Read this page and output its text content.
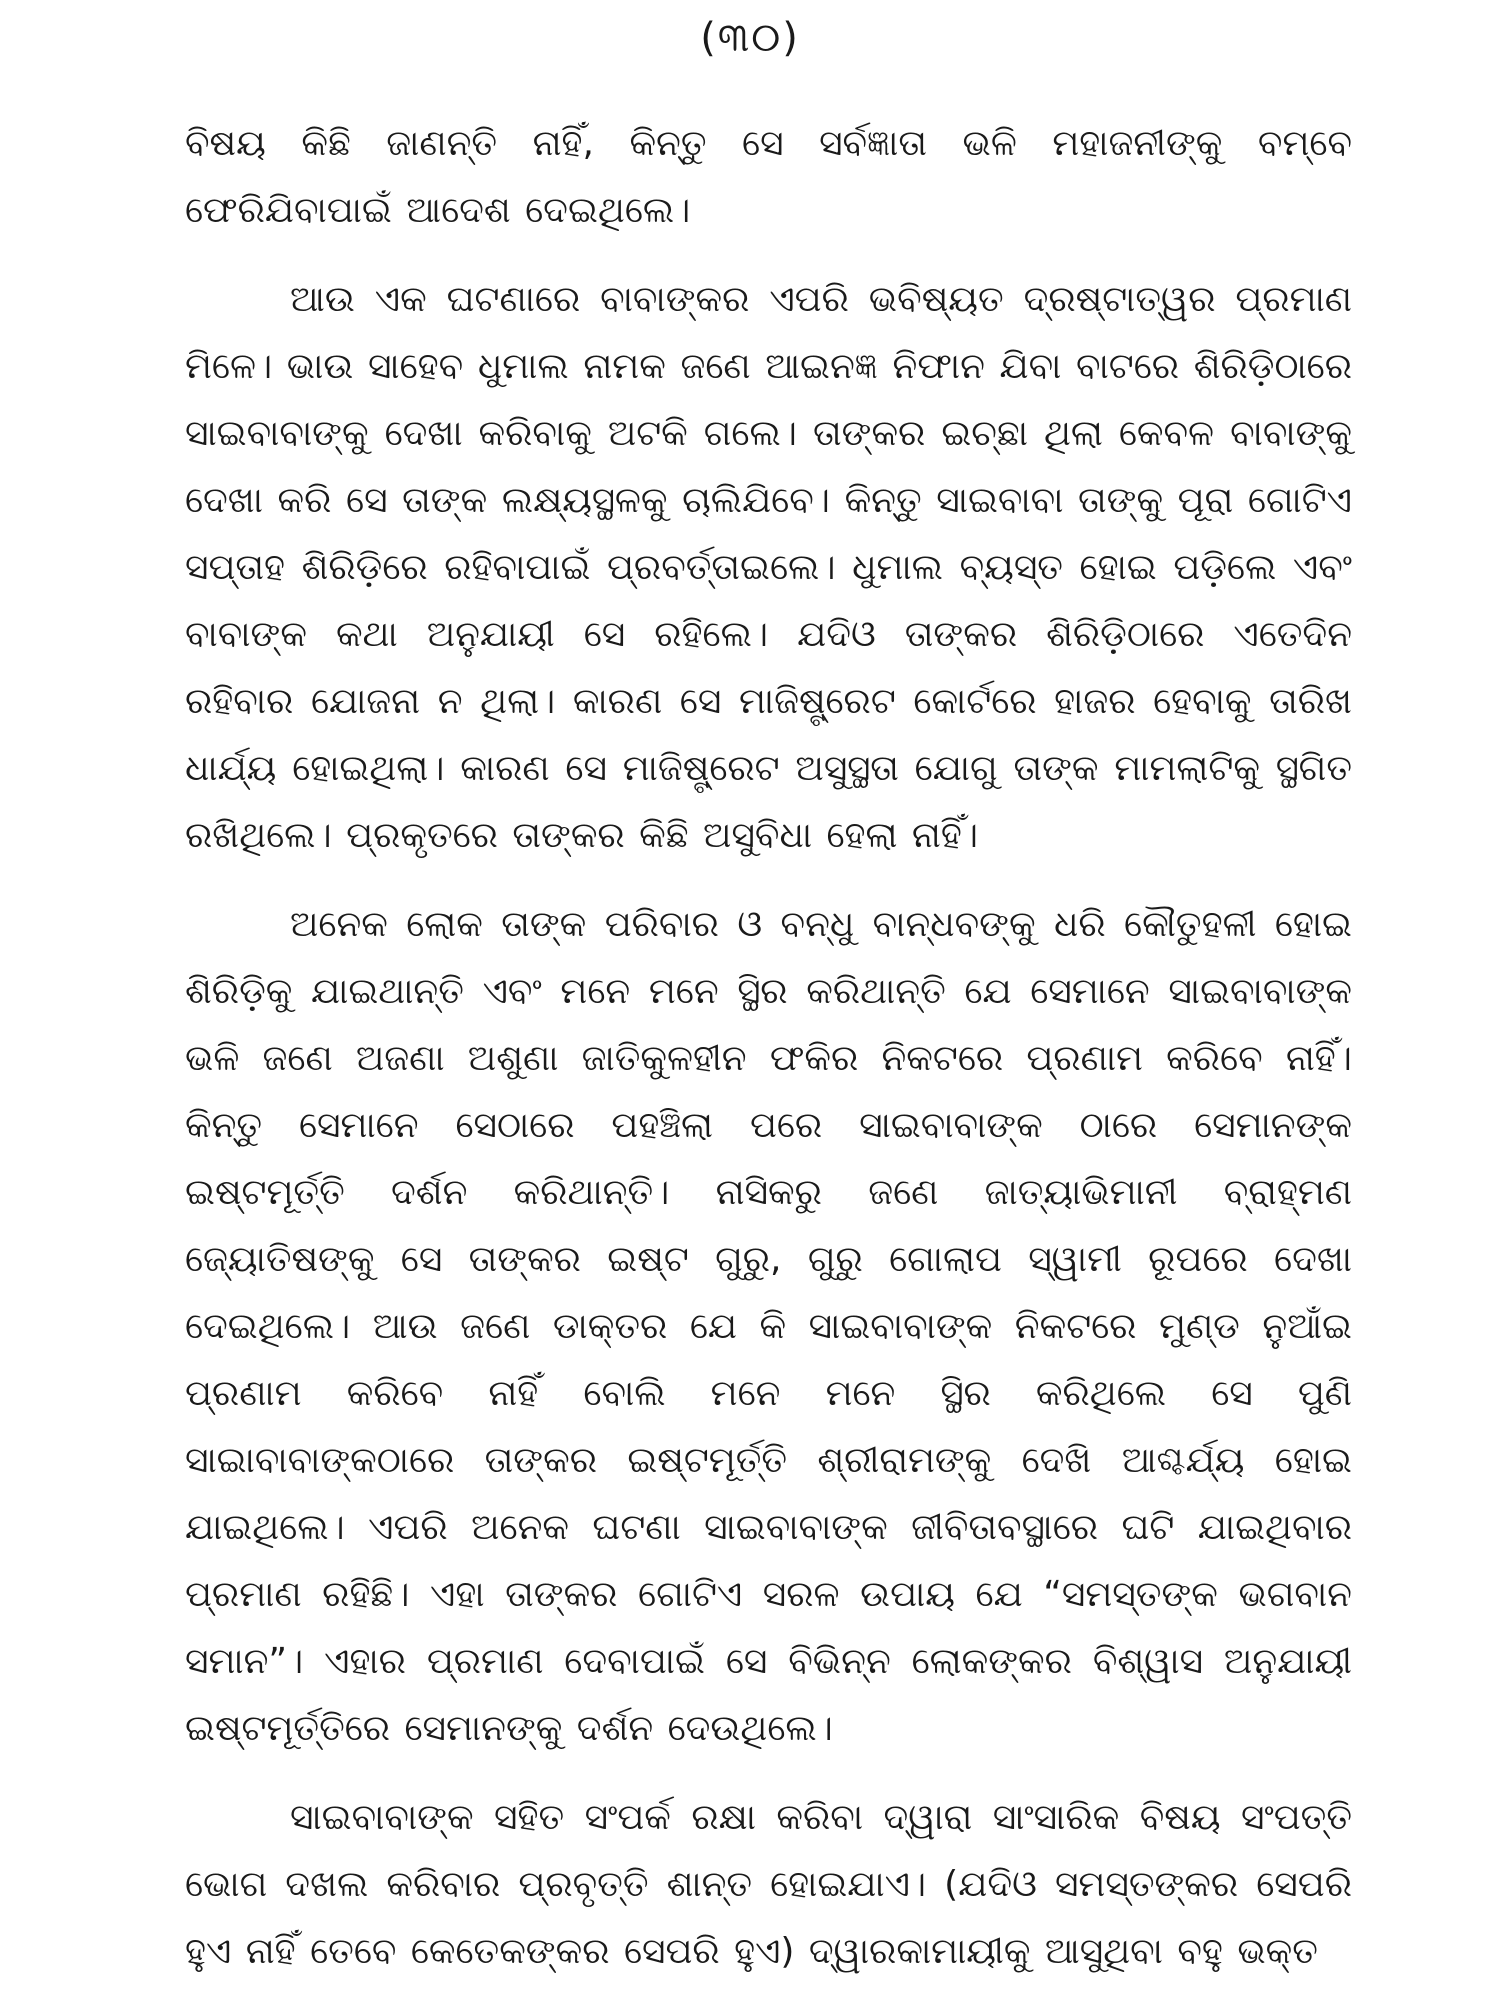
(୩୦)

ବିଷୟ କିଛି ଜାଣନ୍ତି ନାହିଁ, କିନ୍ତୁ ସେ ସର୍ବଜ୍ଞାତା ଭଳି ମହାଜନୀଙ୍କୁ ବମ୍ବେ ଫେରିଯିବାପାଇଁ ଆଦେଶ ଦେଇଥିଲେ।

ଆଉ ଏକ ଘଟଣାରେ ବାବାଙ୍କର ଏପରି ଭବିଷ୍ୟତ ଦ୍ରଷ୍ଟାତ୍ୱର ପ୍ରମାଣ ମିଳେ। ଭାଉ ସାହେବ ଧୁମାଲ ନାମକ ଜଣେ ଆଇନଜ୍ଞ ନିଫାନ ଯିବା ବାଟରେ ଶିରିଡ଼ିଠାରେ ସାଇବାବାଙ୍କୁ ଦେଖା କରିବାକୁ ଅଟକି ଗଲେ। ତାଙ୍କର ଇଚ୍ଛା ଥିଲା କେବଳ ବାବାଙ୍କୁ ଦେଖା କରି ସେ ତାଙ୍କ ଲକ୍ଷ୍ୟସ୍ଥଳକୁ ଚାଲିଯିବେ। କିନ୍ତୁ ସାଇବାବା ତାଙ୍କୁ ପୂରା ଗୋଟିଏ ସପ୍ତାହ ଶିରିଡ଼ିରେ ରହିବାପାଇଁ ପ୍ରବର୍ତ୍ତାଇଲେ। ଧୁମାଲ ବ୍ୟସ୍ତ ହୋଇ ପଡ଼ିଲେ ଏବଂ ବାବାଙ୍କ କଥା ଅନୁଯାୟୀ ସେ ରହିଲେ। ଯଦିଓ ତାଙ୍କର ଶିରିଡ଼ିଠାରେ ଏତେଦିନ ରହିବାର ଯୋଜନା ନ ଥିଲା। କାରଣ ସେ ମାଜିଷ୍ଟ୍ରେଟ କୋର୍ଟରେ ହାଜର ହେବାକୁ ତାରିଖ ଧାର୍ଯ୍ୟ ହୋଇଥିଲା। କାରଣ ସେ ମାଜିଷ୍ଟ୍ରେଟ ଅସୁସ୍ଥତା ଯୋଗୁ ତାଙ୍କ ମାମଲାଟିକୁ ସ୍ଥଗିତ ରଖିଥିଲେ। ପ୍ରକୃତରେ ତାଙ୍କର କିଛି ଅସୁବିଧା ହେଲା ନାହିଁ।

ଅନେକ ଲୋକ ତାଙ୍କ ପରିବାର ଓ ବନ୍ଧୁ ବାନ୍ଧବଙ୍କୁ ଧରି କୌତୁହଳୀ ହୋଇ ଶିରିଡ଼ିକୁ ଯାଇଥାନ୍ତି ଏବଂ ମନେ ମନେ ସ୍ଥିର କରିଥାନ୍ତି ଯେ ସେମାନେ ସାଇବାବାଙ୍କ ଭଳି ଜଣେ ଅଜଣା ଅଶୁଣା ଜାତିକୁଳହୀନ ଫକିର ନିକଟରେ ପ୍ରଣାମ କରିବେ ନାହିଁ। କିନ୍ତୁ ସେମାନେ ସେଠାରେ ପହଞ୍ଚିଲା ପରେ ସାଇବାବାଙ୍କ ଠାରେ ସେମାନଙ୍କ ଇଷ୍ଟମୂର୍ତ୍ତି ଦର୍ଶନ କରିଥାନ୍ତି। ନାସିକରୁ ଜଣେ ଜାତ୍ୟାଭିମାନୀ ବ୍ରାହ୍ମଣ ଜ୍ୟୋତିଷଙ୍କୁ ସେ ତାଙ୍କର ଇଷ୍ଟ ଗୁରୁ, ଗୁରୁ ଗୋଲାପ ସ୍ୱାମୀ ରୂପରେ ଦେଖା ଦେଇଥିଲେ। ଆଉ ଜଣେ ଡାକ୍ତର ଯେ କି ସାଇବାବାଙ୍କ ନିକଟରେ ମୁଣ୍ଡ ନୁଆଁଇ ପ୍ରଣାମ କରିବେ ନାହିଁ ବୋଲି ମନେ ମନେ ସ୍ଥିର କରିଥିଲେ ସେ ପୁଣି ସାଇାବାବାଙ୍କଠାରେ ତାଙ୍କର ଇଷ୍ଟମୂର୍ତ୍ତି ଶ୍ରୀରାମଙ୍କୁ ଦେଖି ଆଶ୍ଚର୍ଯ୍ୟ ହୋଇ ଯାଇଥିଲେ। ଏପରି ଅନେକ ଘଟଣା ସାଇବାବାଙ୍କ ଜୀବିତାବସ୍ଥାରେ ଘଟି ଯାଇଥିବାର ପ୍ରମାଣ ରହିଛି। ଏହା ତାଙ୍କର ଗୋଟିଏ ସରଳ ଉପାୟ ଯେ “ସମସ୍ତଙ୍କ ଭଗବାନ ସମାନ”। ଏହାର ପ୍ରମାଣ ଦେବାପାଇଁ ସେ ବିଭିନ୍ନ ଲୋକଙ୍କର ବିଶ୍ୱାସ ଅନୁଯାୟୀ ଇଷ୍ଟମୂର୍ତ୍ତିରେ ସେମାନଙ୍କୁ ଦର୍ଶନ ଦେଉଥିଲେ।

ସାଇବାବାଙ୍କ ସହିତ ସଂପର୍କ ରକ୍ଷା କରିବା ଦ୍ୱାରା ସାଂସାରିକ ବିଷୟ ସଂପତ୍ତି ଭୋଗ ଦଖଲ କରିବାର ପ୍ରବୃତ୍ତି ଶାନ୍ତ ହୋଇଯାଏ। (ଯଦିଓ ସମସ୍ତଙ୍କର ସେପରି ହୁଏ ନାହିଁ ତେବେ କେତେକଙ୍କର ସେପରି ହୁଏ) ଦ୍ୱାରକାମାୟୀକୁ ଆସୁଥିବା ବହୁ ଭକ୍ତ
